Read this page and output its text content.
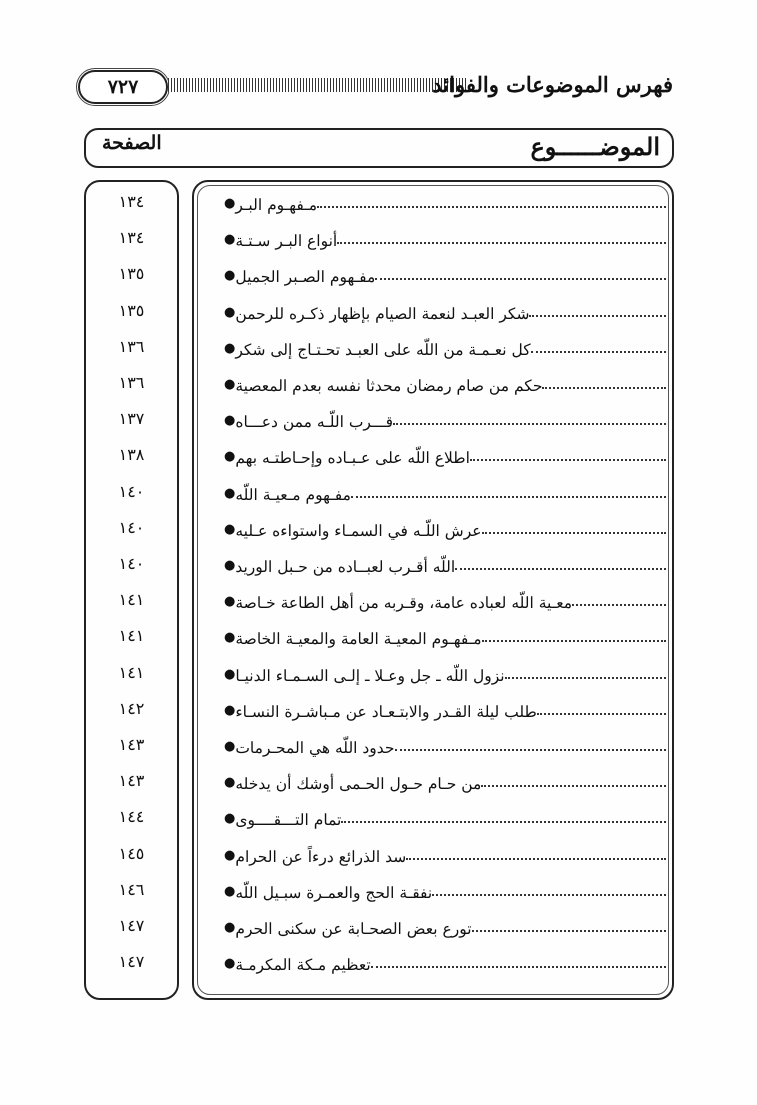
٧٢٧	فهرس الموضوعات والفوائد
الموضــــــوع
الصفحة
● مـفهـوم البـر
١٣٤
● أنواع البـر سـتـة
١٣٤
● مفـهوم الصـبر الجميل
١٣٥
● شكر العبـد لنعمة الصيام بإظهار ذكـره للرحمن
١٣٥
● كل نعـمـة من اللّه على العبـد تحـتـاج إلى شكر
١٣٦
● حكم من صام رمضان محدثا نفسه بعدم المعصية
١٣٦
● قـــرب اللّـه ممن دعـــاه
١٣٧
● اطلاع اللّه على عـبـاده وإحـاطتـه بهم
١٣٨
● مفـهوم مـعيـة اللّه
١٤٠
● عرش اللّـه في السمـاء واستواءه عـليه
١٤٠
● اللّه أقـرب لعبــاده من حـبل الوريد
١٤٠
● معـية اللّه لعباده عامة، وقـربه من أهل الطاعة خـاصة
١٤١
● مـفهـوم المعيـة العامة والمعيـة الخاصة
١٤١
● نزول اللّه ـ جل وعـلا ـ إلـى السـمـاء الدنيـا
١٤١
● طلب ليلة القـدر والابتـعـاد عن مـباشـرة النسـاء
١٤٢
● حدود اللّه هي المحـرمات
١٤٣
● من حـام حـول الحـمى أوشك أن يدخله
١٤٣
● تمام التـــقــــوى
١٤٤
● سد الذرائع درءاً عن الحرام
١٤٥
● نفقـة الحج والعمـرة سبـيل اللّه
١٤٦
● تورع بعض الصحـابة عن سكنى الحرم
١٤٧
● تعظيم مـكة المكرمـة
١٤٧
